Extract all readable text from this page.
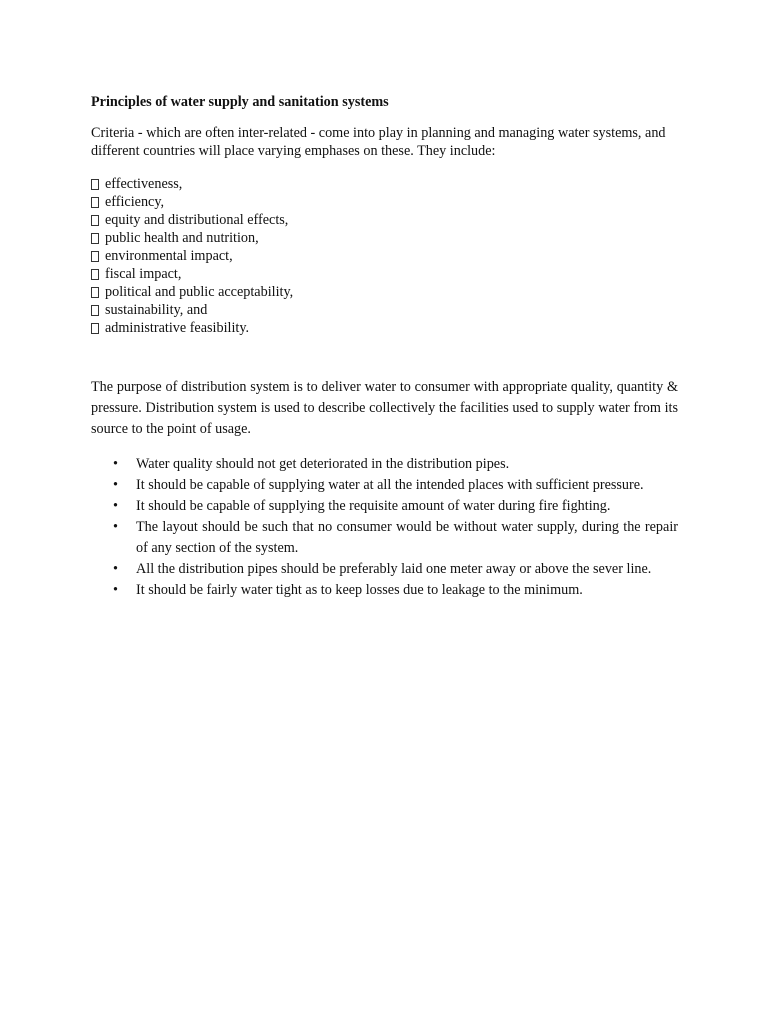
Principles of water supply and sanitation systems

Criteria - which are often inter-related - come into play in planning and managing water systems, and different countries will place varying emphases on these. They include:

effectiveness,
efficiency,
equity and distributional effects,
public health and nutrition,
environmental impact,
fiscal impact,
political and public acceptability,
sustainability, and
administrative feasibility.

The purpose of distribution system is to deliver water to consumer with appropriate quality, quantity & pressure. Distribution system is used to describe collectively the facilities used to supply water from its source to the point of usage.

• Water quality should not get deteriorated in the distribution pipes.
• It should be capable of supplying water at all the intended places with sufficient pressure.
• It should be capable of supplying the requisite amount of water during fire fighting.
• The layout should be such that no consumer would be without water supply, during the repair of any section of the system.
• All the distribution pipes should be preferably laid one meter away or above the sever line.
• It should be fairly water tight as to keep losses due to leakage to the minimum.
